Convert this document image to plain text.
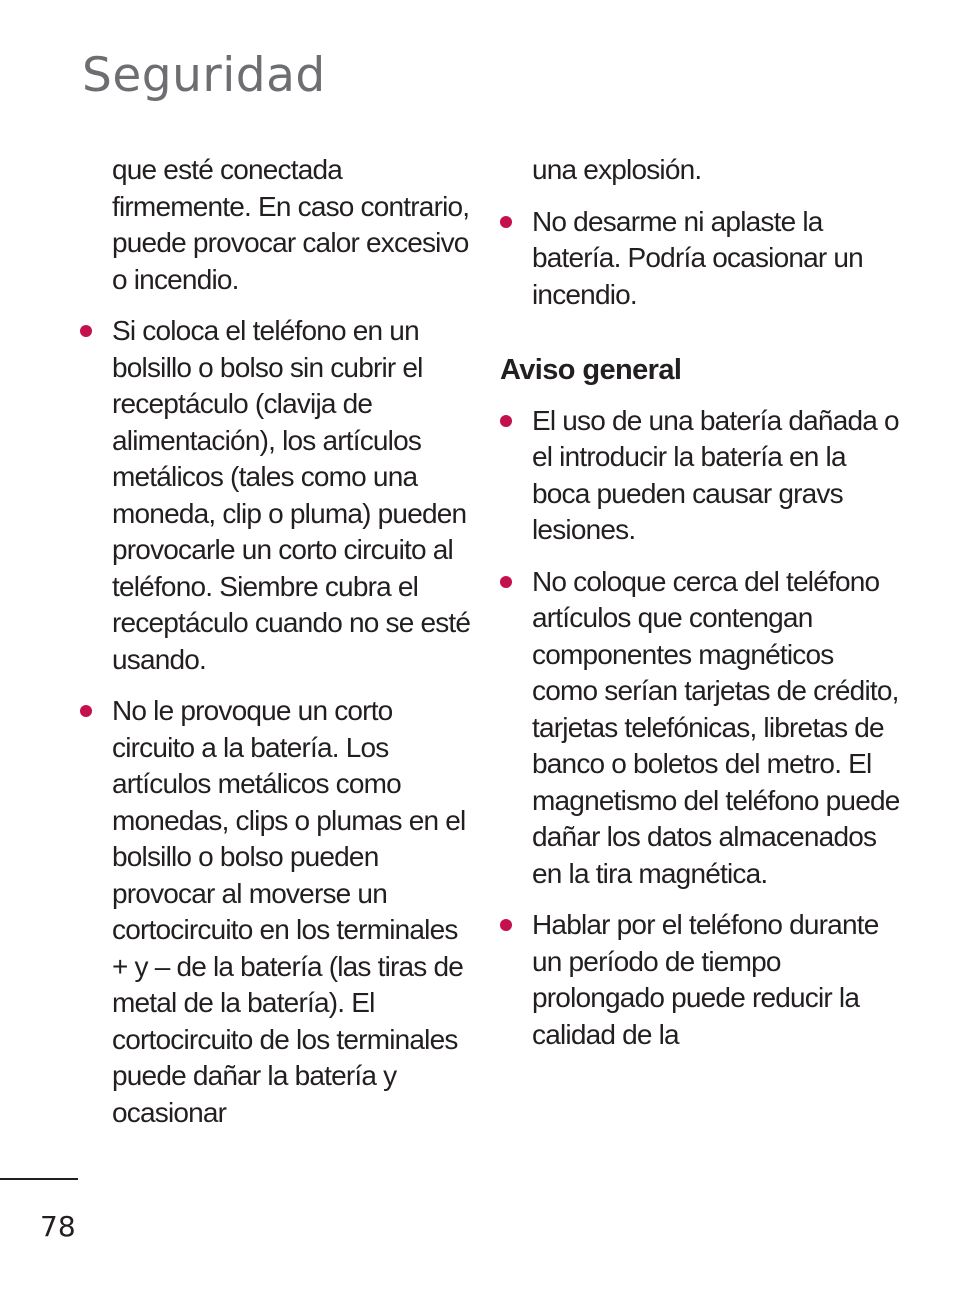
Seguridad

que esté conectada firmemente. En caso contrario, puede provocar calor excesivo o incendio.

Si coloca el teléfono en un bolsillo o bolso sin cubrir el receptáculo (clavija de alimentación), los artículos metálicos (tales como una moneda, clip o pluma) pueden provocarle un corto circuito al teléfono. Siembre cubra el receptáculo cuando no se esté usando.
No le provoque un corto circuito a la batería. Los artículos metálicos como monedas, clips o plumas en el bolsillo o bolso pueden provocar al moverse un cortocircuito en los terminales + y – de la batería (las tiras de metal de la batería). El cortocircuito de los terminales puede dañar la batería y ocasionar

una explosión.

No desarme ni aplaste la batería. Podría ocasionar un incendio.
Aviso general
El uso de una batería dañada o el introducir la batería en la boca pueden causar gravs lesiones.
No coloque cerca del teléfono artículos que contengan componentes magnéticos como serían tarjetas de crédito, tarjetas telefónicas, libretas de banco o boletos del metro. El magnetismo del teléfono puede dañar los datos almacenados en la tira magnética.
Hablar por el teléfono durante un período de tiempo prolongado puede reducir la calidad de la
78
